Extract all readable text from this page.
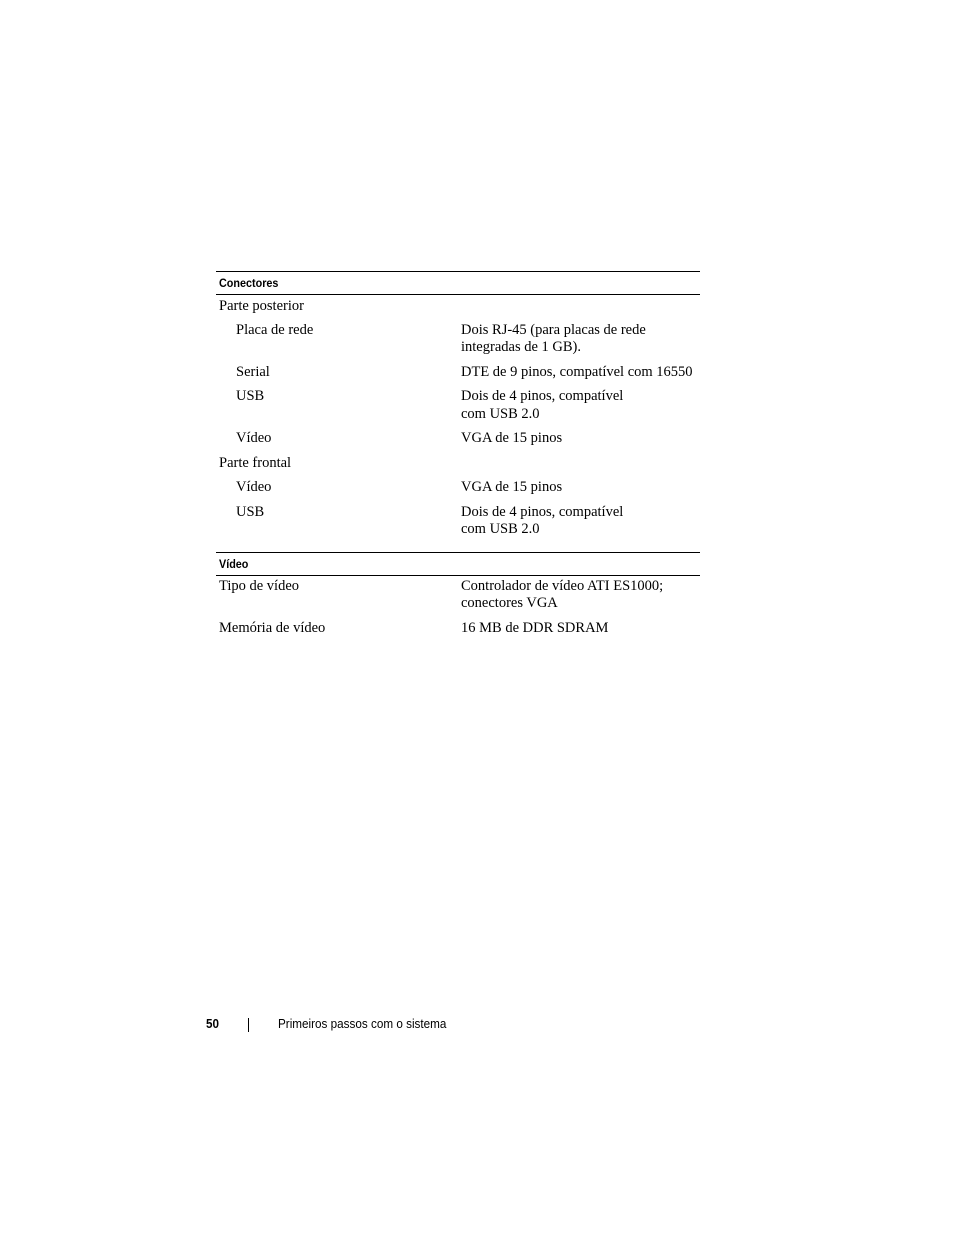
Conectores
Parte posterior
Placa de rede	Dois RJ-45 (para placas de rede
integradas de 1 GB).
Serial	DTE de 9 pinos, compatível com 16550
USB	Dois de 4 pinos, compatível
com USB 2.0
Vídeo	VGA de 15 pinos
Parte frontal
Vídeo	VGA de 15 pinos
USB	Dois de 4 pinos, compatível
com USB 2.0
Vídeo
Tipo de vídeo	Controlador de vídeo ATI ES1000;
conectores VGA
Memória de vídeo	16 MB de DDR SDRAM
50	Primeiros passos com o sistema
